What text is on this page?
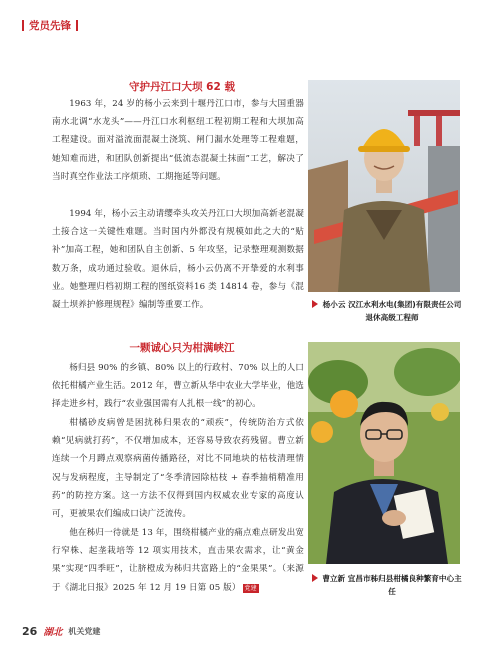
党员先锋
守护丹江口大坝 62 载

1963 年，24 岁的杨小云来到十堰丹江口市，参与大国重器南水北调“水龙头”——丹江口水利枢纽工程初期工程和大坝加高工程建设。面对溢流面混凝土浇筑、闸门漏水处理等工程难题，她知难而进，和团队创新提出“低流态混凝土抹面”工艺，解决了当时真空作业法工序烦琐、工期拖延等问题。

1994 年，杨小云主动请缨牵头攻关丹江口大坝加高新老混凝土接合这一关键性难题。当时国内外都没有规模如此之大的“贴补”加高工程，她和团队自主创新、5 年攻坚，记录整理观测数据数万条，成功通过验收。退休后，杨小云仍离不开挚爱的水利事业。她整理归档初期工程的图纸资料16 类 14814 卷，参与《混凝土坝养护修理规程》编制等重要工作。	杨小云 汉江水利水电(集团)有限责任公司退休高级工程师
一颗诚心只为柑满峡江

杨归县 90% 的乡镇、80% 以上的行政村、70% 以上的人口依托柑橘产业生活。2012 年，曹立新从华中农业大学毕业，他选择走进乡村，践行“农业强国需有人扎根一线”的初心。

柑橘砂皮病曾是困扰秭归果农的“顽疾”，传统防治方式依赖“见病就打药”，不仅增加成本，还容易导致农药残留。曹立新连续一个月蹲点观察病菌传播路径，对比不同地块的枯枝清理情况与发病程度，主导制定了“冬季清园除枯枝 + 春季抽梢精准用药”的防控方案。这一方法不仅得到国内权威农业专家的高度认可，更被果农们编成口诀广泛流传。

他在秭归一待就是 13 年，围绕柑橘产业的痛点难点研发出宽行窄株、起垄栽培等 12 项实用技术，直击果农需求，让“黄金果”实现“四季旺”，让脐橙成为秭归共富路上的“金果果”。（来源于《湖北日报》2025 年 12 月 19 日第 05 版） 党建

曹立新 宜昌市秭归县柑橘良种繁育中心主任
26 湖北 机关党建
